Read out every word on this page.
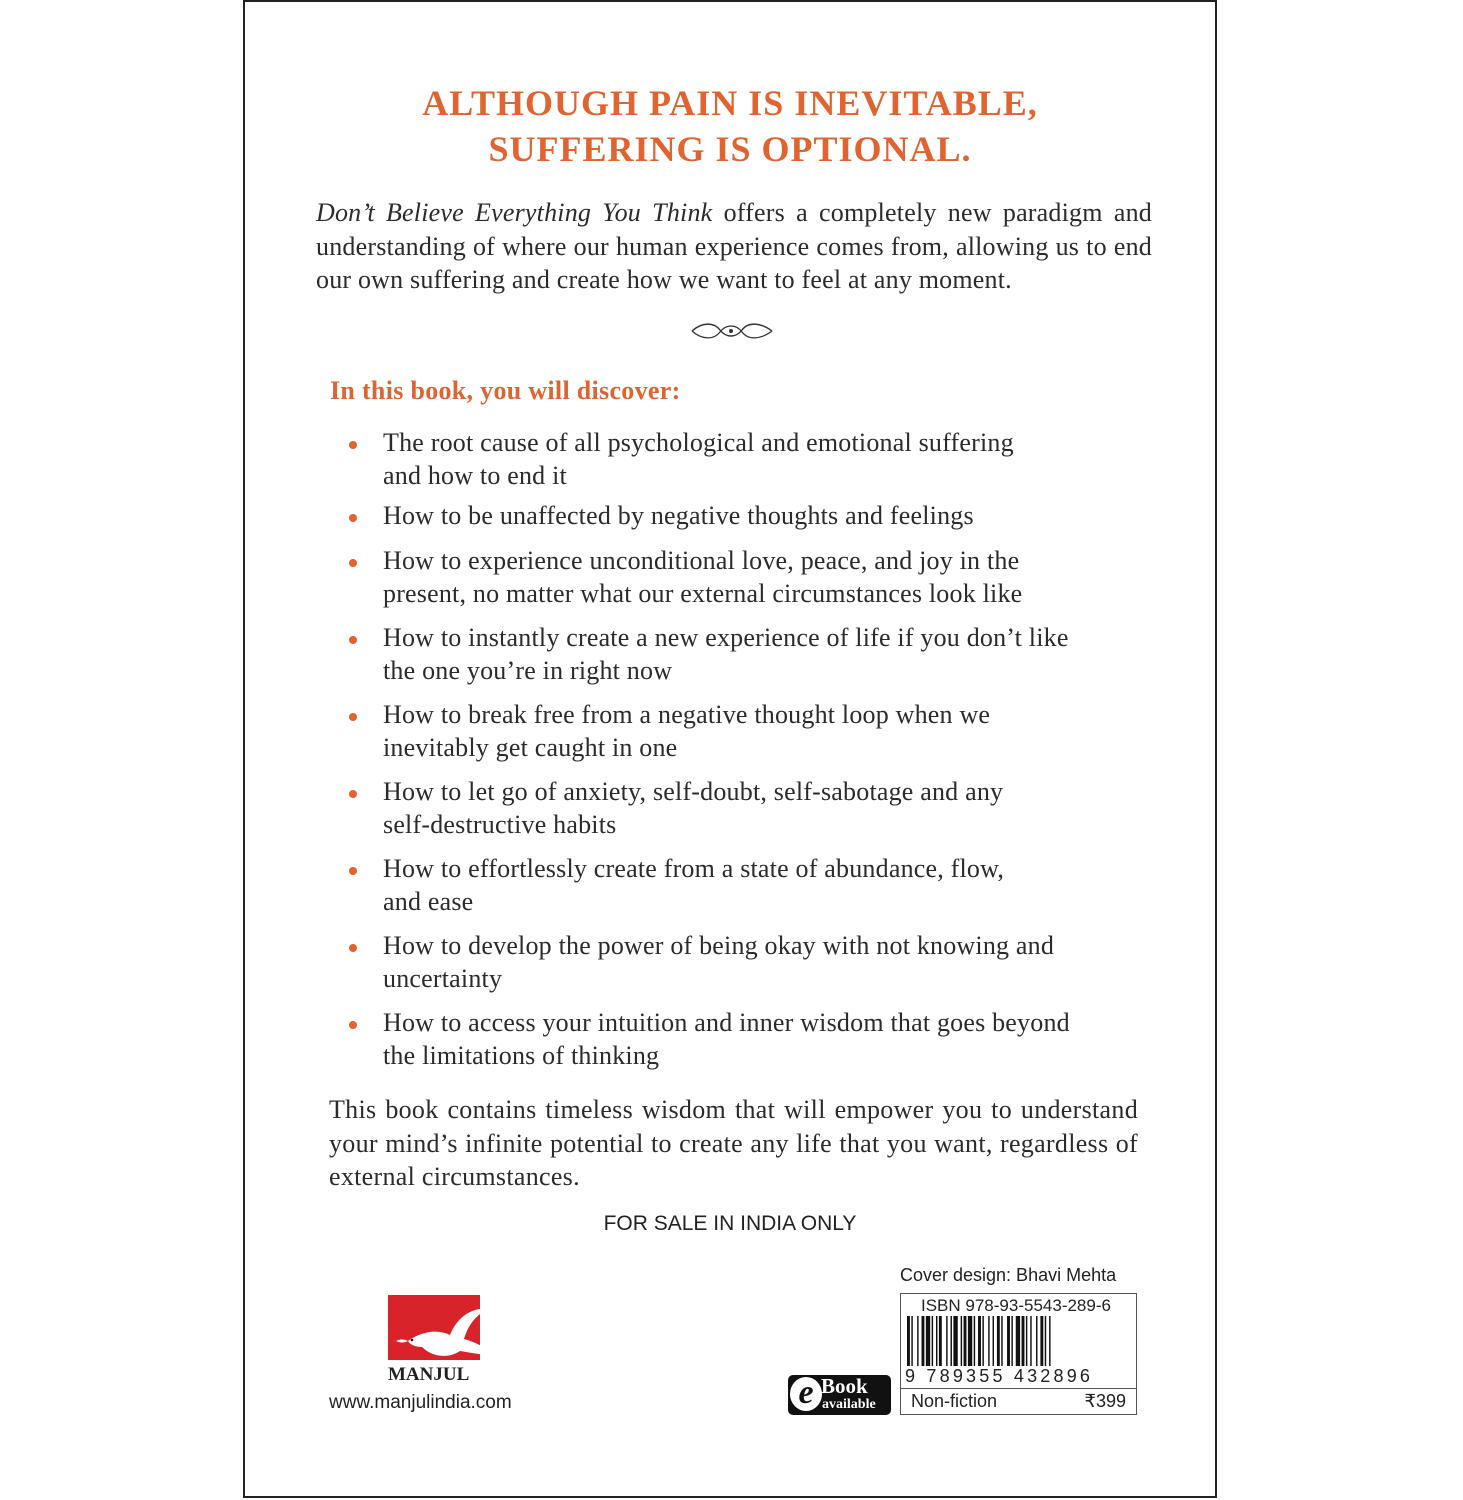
ALTHOUGH PAIN IS INEVITABLE,
SUFFERING IS OPTIONAL.
Don’t Believe Everything You Think offers a completely new paradigm and understanding of where our human experience comes from, allowing us to end our own suffering and create how we want to feel at any moment.
In this book, you will discover:
The root cause of all psychological and emotional suffering
and how to end it
How to be unaffected by negative thoughts and feelings
How to experience unconditional love, peace, and joy in the
present, no matter what our external circumstances look like
How to instantly create a new experience of life if you don’t like
the one you’re in right now
How to break free from a negative thought loop when we
inevitably get caught in one
How to let go of anxiety, self-doubt, self-sabotage and any
self-destructive habits
How to effortlessly create from a state of abundance, flow,
and ease
How to develop the power of being okay with not knowing and
uncertainty
How to access your intuition and inner wisdom that goes beyond
the limitations of thinking
This book contains timeless wisdom that will empower you to understand your mind’s infinite potential to create any life that you want, regardless of external circumstances.
FOR SALE IN INDIA ONLY
MANJUL
www.manjulindia.com	e Book
available
Cover design: Bhavi Mehta
ISBN 978-93-5543-289-6
9 789355 432896
Non-fiction	₹399
